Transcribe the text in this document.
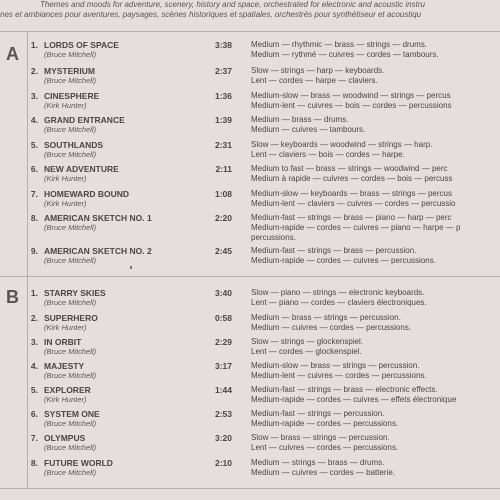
Themes and moods for adventure, scenery, history and space, orchestrated for electronic and acoustic instru
nes et ambiances pour aventures, paysages, scènes historiques et spatiales, orchestrés pour synthétiseur et acoustiqu
A
B
1. LORDS OF SPACE
(Bruce Mitchell)
3:38 Medium — rhythmic — brass — strings — drums.
Medium — rythmé — cuivres — cordes — tambours.
2. MYSTERIUM
(Bruce Mitchell)
2:37 Slow — strings — harp — keyboards.
Lent — cordes — harpe — claviers.
3. CINESPHERE
(Kirk Hunter)
1:36 Medium-slow — brass — woodwind — strings — percus
Medium-lent — cuivres — bois — cordes — percussions
4. GRAND ENTRANCE
(Bruce Mitchell)
1:39 Medium — brass — drums.
Medium — cuivres — tambours.
5. SOUTHLANDS
(Bruce Mitchell)
2:31 Slow — keyboards — woodwind — strings — harp.
Lent — claviers — bois — cordes — harpe.
6. NEW ADVENTURE
(Kirk Hunter)
2:11 Medium to fast — brass — strings — woodwind — perc
Medium à rapide — cuivres — cordes — bois — percuss
7. HOMEWARD BOUND
(Kirk Hunter)
1:08 Medium-slow — keyboards — brass — strings — percus
Medium-lent — claviers — cuivres — cordes — percussio
8. AMERICAN SKETCH NO. 1
(Bruce Mitchell)
2:20 Medium-fast — strings — brass — piano — harp — perc
Medium-rapide — cordes — cuivres — piano — harpe — p
percussions.
9. AMERICAN SKETCH NO. 2
(Bruce Mitchell)
2:45 Medium-fast — strings — brass — percussion.
Medium-rapide — cordes — cuivres — percussions.
1. STARRY SKIES
(Bruce Mitchell)
3:40 Slow — piano — strings — electronic keyboards.
Lent — piano — cordes — claviers électroniques.
2. SUPERHERO
(Kirk Hunter)
0:58 Medium — brass — strings — percussion.
Medium — cuivres — cordes — percussions.
3. IN ORBIT
(Bruce Mitchell)
2:29 Slow — strings — glockenspiel.
Lent — cordes — glockenspiel.
4. MAJESTY
(Bruce Mitchell)
3:17 Medium-slow — brass — strings — percussion.
Medium-lent — cuivres — cordes — percussions.
5. EXPLORER
(Kirk Hunter)
1:44 Medium-fast — strings — brass — electronic effects.
Medium-rapide — cordes — cuivres — effets électronique
6. SYSTEM ONE
(Bruce Mitchell)
2:53 Medium-fast — strings — percussion.
Medium-rapide — cordes — percussions.
7. OLYMPUS
(Bruce Mitchell)
3:20 Slow — brass — strings — percussion.
Lent — cuivres — cordes — percussions.
8. FUTURE WORLD
(Bruce Mitchell)
2:10 Medium — strings — brass — drums.
Medium — cuivres — cordes — batterie.
